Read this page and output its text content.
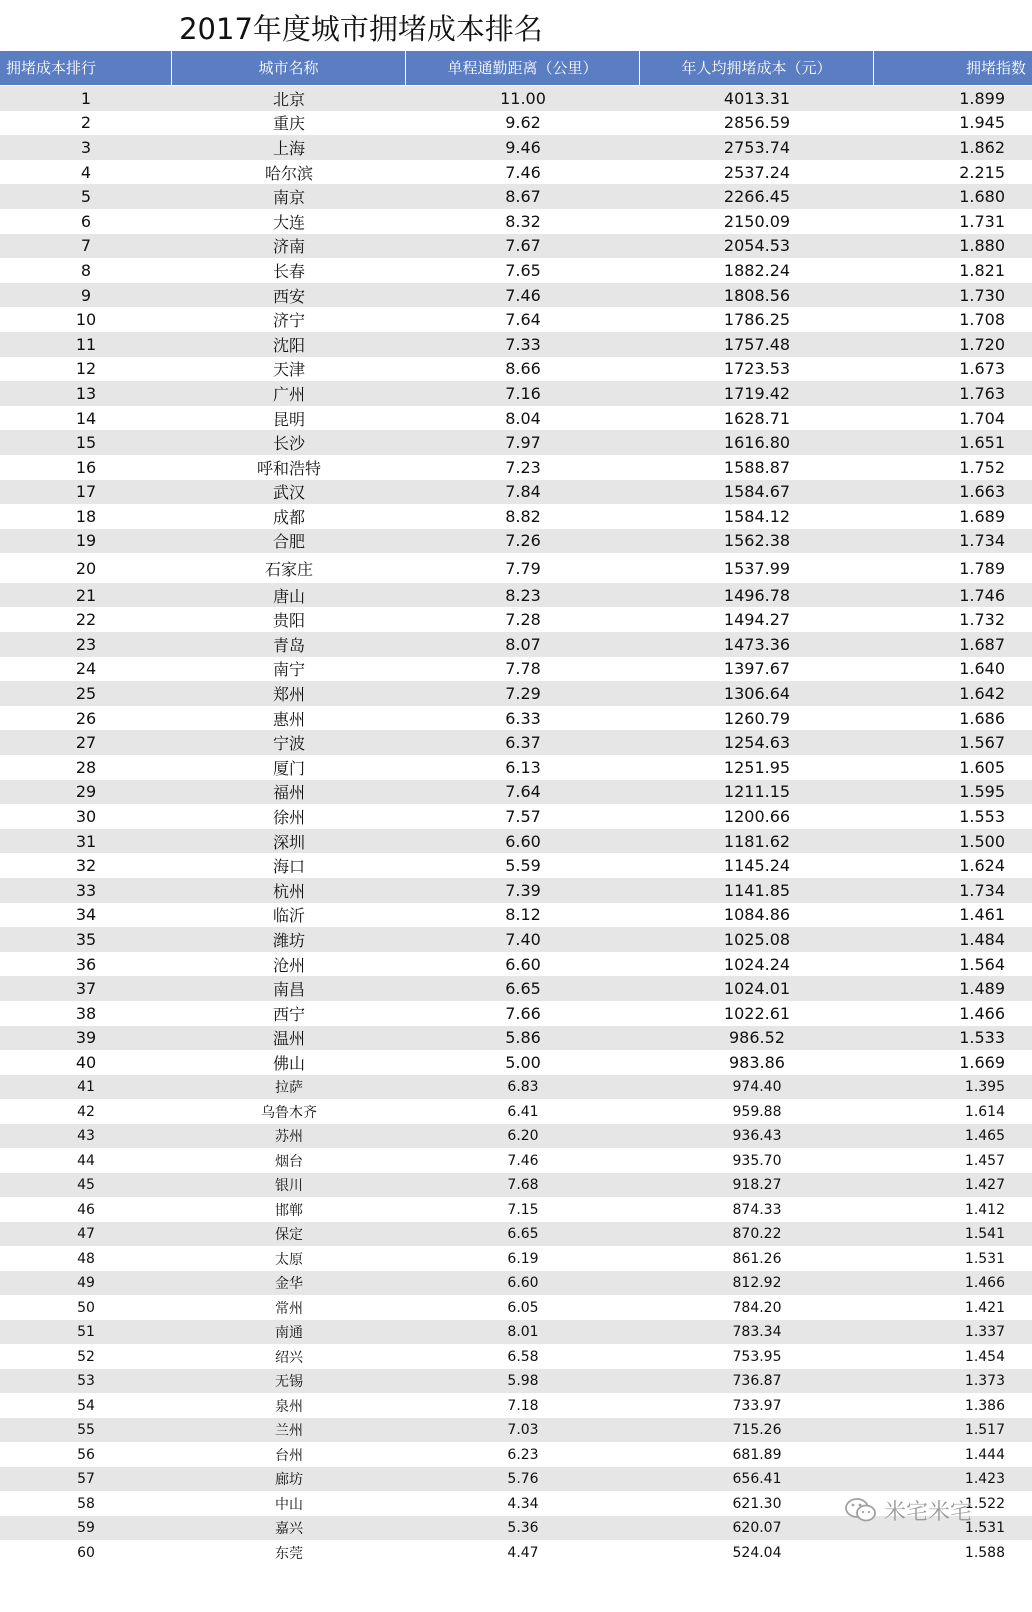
2017年度城市拥堵成本排名
拥堵成本排行	城市名称	单程通勤距离（公里）	年人均拥堵成本（元）	拥堵指数
1	北京	11.00	4013.31	1.899
2	重庆	9.62	2856.59	1.945
3	上海	9.46	2753.74	1.862
4	哈尔滨	7.46	2537.24	2.215
5	南京	8.67	2266.45	1.680
6	大连	8.32	2150.09	1.731
7	济南	7.67	2054.53	1.880
8	长春	7.65	1882.24	1.821
9	西安	7.46	1808.56	1.730
10	济宁	7.64	1786.25	1.708
11	沈阳	7.33	1757.48	1.720
12	天津	8.66	1723.53	1.673
13	广州	7.16	1719.42	1.763
14	昆明	8.04	1628.71	1.704
15	长沙	7.97	1616.80	1.651
16	呼和浩特	7.23	1588.87	1.752
17	武汉	7.84	1584.67	1.663
18	成都	8.82	1584.12	1.689
19	合肥	7.26	1562.38	1.734
20	石家庄	7.79	1537.99	1.789
21	唐山	8.23	1496.78	1.746
22	贵阳	7.28	1494.27	1.732
23	青岛	8.07	1473.36	1.687
24	南宁	7.78	1397.67	1.640
25	郑州	7.29	1306.64	1.642
26	惠州	6.33	1260.79	1.686
27	宁波	6.37	1254.63	1.567
28	厦门	6.13	1251.95	1.605
29	福州	7.64	1211.15	1.595
30	徐州	7.57	1200.66	1.553
31	深圳	6.60	1181.62	1.500
32	海口	5.59	1145.24	1.624
33	杭州	7.39	1141.85	1.734
34	临沂	8.12	1084.86	1.461
35	潍坊	7.40	1025.08	1.484
36	沧州	6.60	1024.24	1.564
37	南昌	6.65	1024.01	1.489
38	西宁	7.66	1022.61	1.466
39	温州	5.86	986.52	1.533
40	佛山	5.00	983.86	1.669
41	拉萨	6.83	974.40	1.395
42	乌鲁木齐	6.41	959.88	1.614
43	苏州	6.20	936.43	1.465
44	烟台	7.46	935.70	1.457
45	银川	7.68	918.27	1.427
46	邯郸	7.15	874.33	1.412
47	保定	6.65	870.22	1.541
48	太原	6.19	861.26	1.531
49	金华	6.60	812.92	1.466
50	常州	6.05	784.20	1.421
51	南通	8.01	783.34	1.337
52	绍兴	6.58	753.95	1.454
53	无锡	5.98	736.87	1.373
54	泉州	7.18	733.97	1.386
55	兰州	7.03	715.26	1.517
56	台州	6.23	681.89	1.444
57	廊坊	5.76	656.41	1.423
58	中山	4.34	621.30	1.522
59	嘉兴	5.36	620.07	1.531
60	东莞	4.47	524.04	1.588
米宅米宅
